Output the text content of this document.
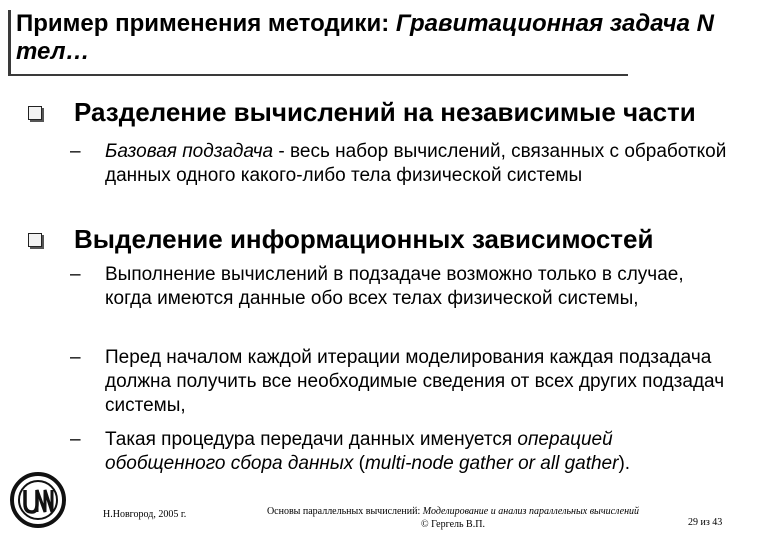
Пример применения методики: Гравитационная задача N тел…
Разделение вычислений на независимые части
– Базовая подзадача - весь набор вычислений, связанных с обработкой данных одного какого-либо тела физической системы
Выделение информационных зависимостей
– Выполнение вычислений в подзадаче возможно только в случае, когда имеются данные обо всех телах физической системы,
– Перед началом каждой итерации моделирования каждая подзадача должна получить все необходимые сведения от всех других подзадач системы,
– Такая процедура передачи данных именуется операцией обобщенного сбора данных (multi-node gather or all gather).
Н.Новгород, 2005 г.	Основы параллельных вычислений: Моделирование и анализ параллельных вычислений
© Гергель В.П.	29 из 43
